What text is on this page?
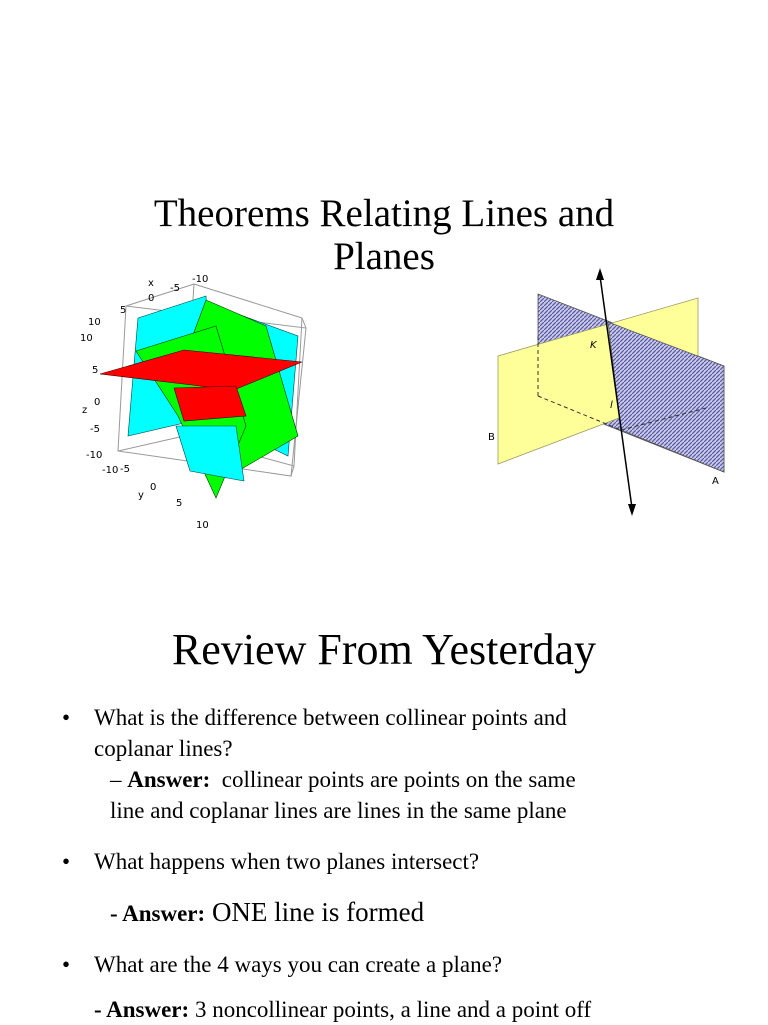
Theorems Relating Lines and
Planes
x	-10
-5
0
5
10
10
5
z
0
-5
-10
-10 -5
y
0
5
10
K
l
B
A
Review From Yesterday
• What is the difference between collinear points and
coplanar lines?
– Answer:  collinear points are points on the same
line and coplanar lines are lines in the same plane
• What happens when two planes intersect?
- Answer: ONE line is formed
• What are the 4 ways you can create a plane?
- Answer: 3 noncollinear points, a line and a point off
